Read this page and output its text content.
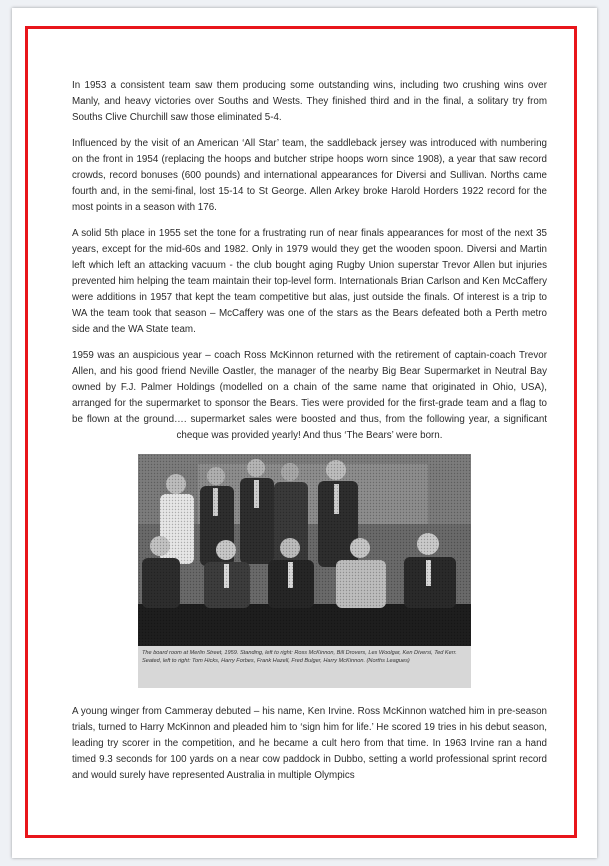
In 1953 a consistent team saw them producing some outstanding wins, including two crushing wins over Manly, and heavy victories over Souths and Wests. They finished third and in the final, a solitary try from Souths Clive Churchill saw those eliminated 5-4.

Influenced by the visit of an American ‘All Star’ team, the saddleback jersey was introduced with numbering on the front in 1954 (replacing the hoops and butcher stripe hoops worn since 1908), a year that saw record crowds, record bonuses (600 pounds) and international appearances for Diversi and Sullivan. Norths came fourth and, in the semi-final, lost 15-14 to St George. Allen Arkey broke Harold Horders 1922 record for the most points in a season with 176.

A solid 5th place in 1955 set the tone for a frustrating run of near finals appearances for most of the next 35 years, except for the mid-60s and 1982. Only in 1979 would they get the wooden spoon. Diversi and Martin left which left an attacking vacuum - the club bought aging Rugby Union superstar Trevor Allen but injuries prevented him helping the team maintain their top-level form. Internationals Brian Carlson and Ken McCaffery were additions in 1957 that kept the team competitive but alas, just outside the finals. Of interest is a trip to WA the team took that season – McCaffery was one of the stars as the Bears defeated both a Perth metro side and the WA State team.

1959 was an auspicious year – coach Ross McKinnon returned with the retirement of captain-coach Trevor Allen, and his good friend Neville Oastler, the manager of the nearby Big Bear Supermarket in Neutral Bay owned by F.J. Palmer Holdings (modelled on a chain of the same name that originated in Ohio, USA), arranged for the supermarket to sponsor the Bears. Ties were provided for the first-grade team and a flag to be flown at the ground…. supermarket sales were boosted and thus, from the following year, a significant cheque was provided yearly! And thus ‘The Bears’ were born.

The board room at Merlin Street, 1959. Standing, left to right: Ross McKinnon, Bill Drovers, Les Woolgar, Ken Diversi, Ted Kerr. Seated, left to right: Tom Hicks, Harry Forbes, Frank Hazell, Fred Bulger, Harry McKinnon. (Norths Leagues)

A young winger from Cammeray debuted – his name, Ken Irvine. Ross McKinnon watched him in pre-season trials, turned to Harry McKinnon and pleaded him to ‘sign him for life.’ He scored 19 tries in his debut season, leading try scorer in the competition, and he became a cult hero from that time. In 1963 Irvine ran a hand timed 9.3 seconds for 100 yards on a near cow paddock in Dubbo, setting a world professional sprint record and would surely have represented Australia in multiple Olympics
